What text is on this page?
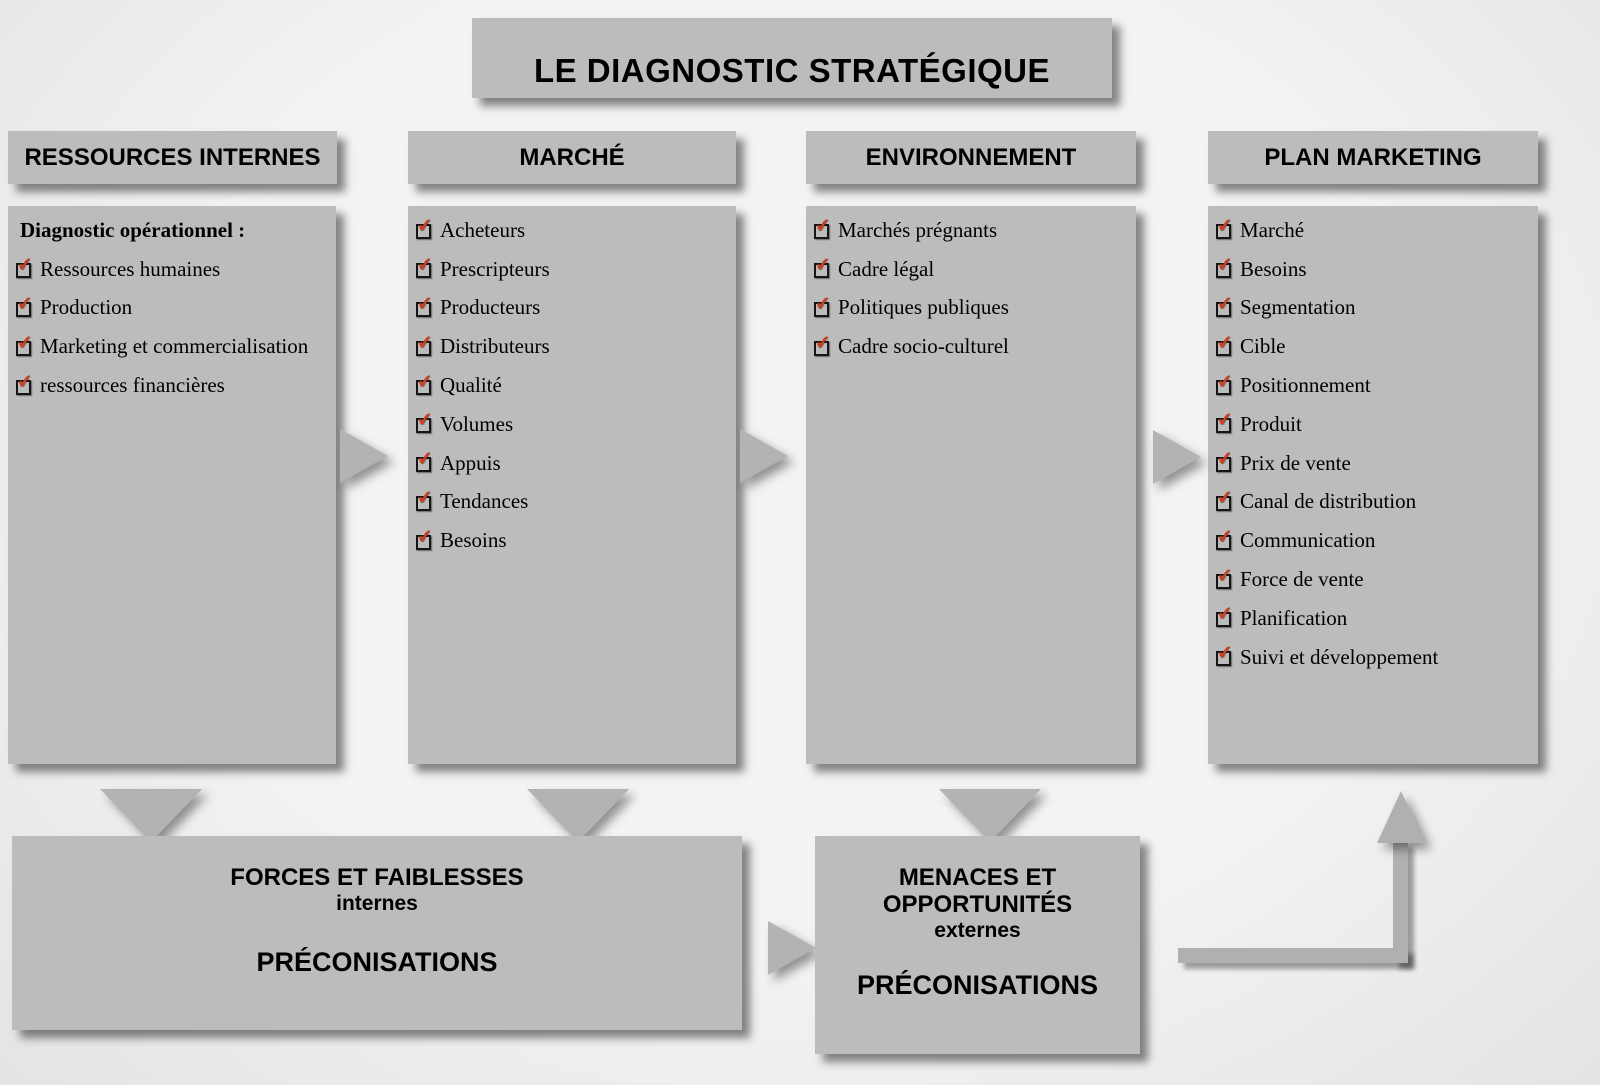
LE DIAGNOSTIC STRATÉGIQUE
RESSOURCES INTERNES	MARCHÉ	ENVIRONNEMENT	PLAN MARKETING
Diagnostic opérationnel :
✔ Ressources humaines
✔ Production
✔ Marketing et commercialisation
✔ ressources financières
✔ Acheteurs
✔ Prescripteurs
✔ Producteurs
✔ Distributeurs
✔ Qualité
✔ Volumes
✔ Appuis
✔ Tendances
✔ Besoins
✔ Marchés prégnants
✔ Cadre légal
✔ Politiques publiques
✔ Cadre socio-culturel
✔ Marché
✔ Besoins
✔ Segmentation
✔ Cible
✔ Positionnement
✔ Produit
✔ Prix de vente
✔ Canal de distribution
✔ Communication
✔ Force de vente
✔ Planification
✔ Suivi et développement
FORCES ET FAIBLESSES
internes
PRÉCONISATIONS
MENACES ET
OPPORTUNITÉS
externes
PRÉCONISATIONS
